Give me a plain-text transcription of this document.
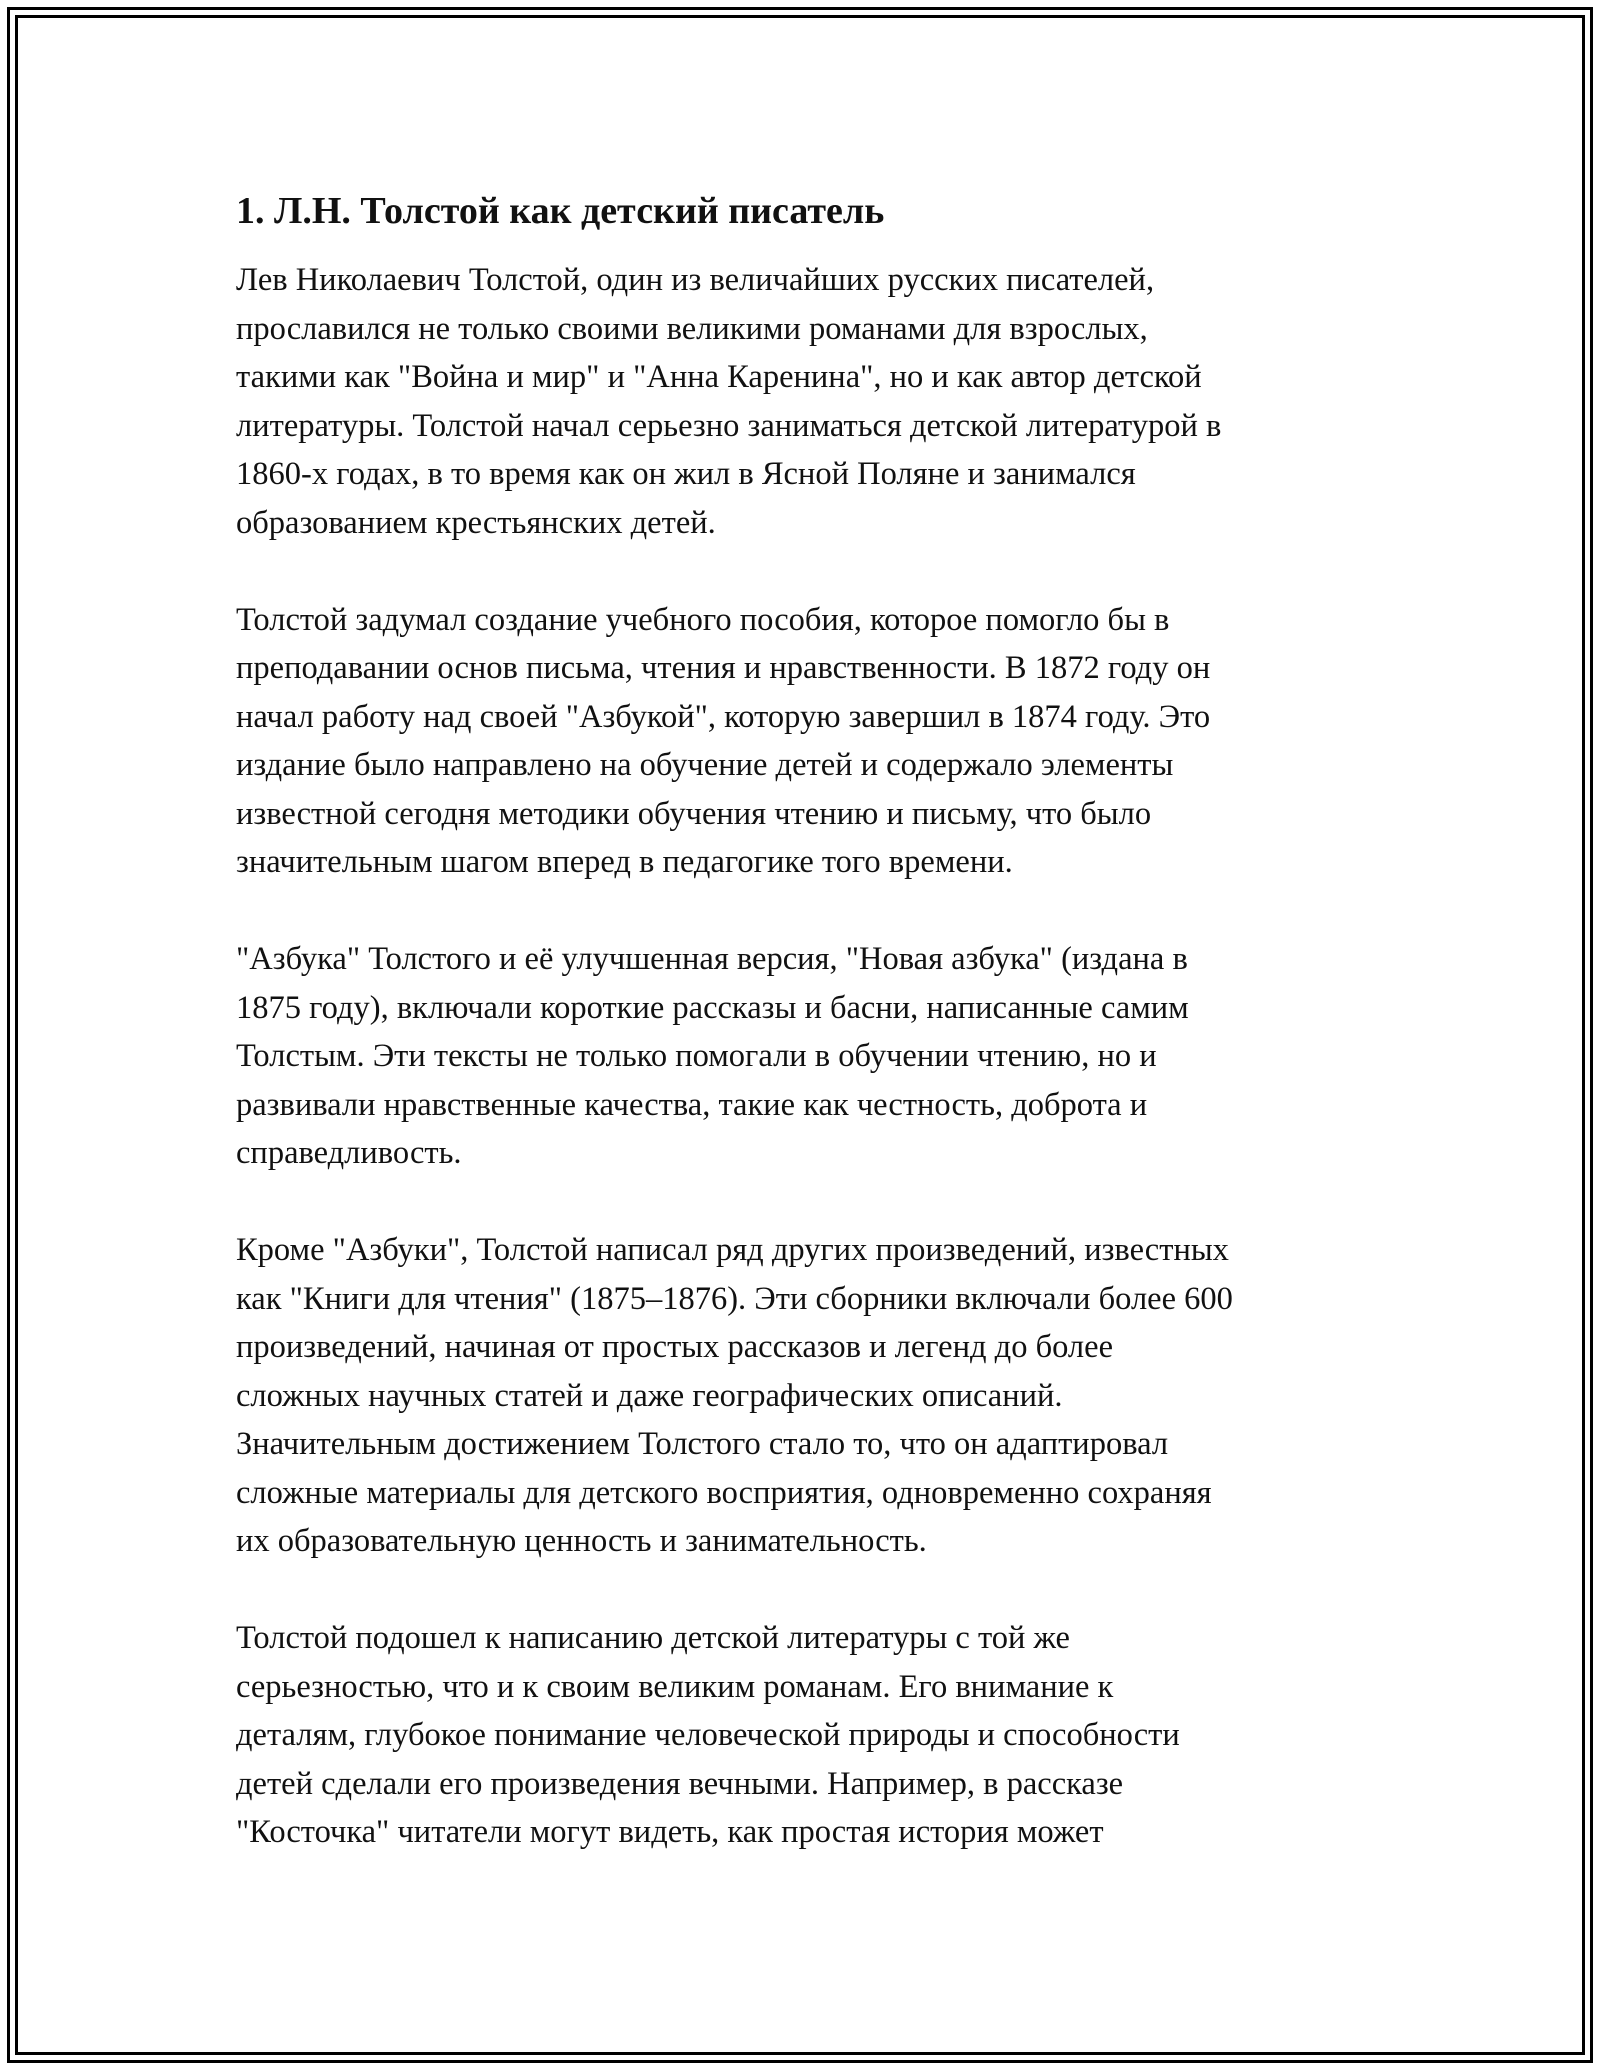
1. Л.Н. Толстой как детский писатель
Лев Николаевич Толстой, один из величайших русских писателей,
прославился не только своими великими романами для взрослых,
такими как "Война и мир" и "Анна Каренина", но и как автор детской
литературы. Толстой начал серьезно заниматься детской литературой в
1860-х годах, в то время как он жил в Ясной Поляне и занимался
образованием крестьянских детей.
Толстой задумал создание учебного пособия, которое помогло бы в
преподавании основ письма, чтения и нравственности. В 1872 году он
начал работу над своей "Азбукой", которую завершил в 1874 году. Это
издание было направлено на обучение детей и содержало элементы
известной сегодня методики обучения чтению и письму, что было
значительным шагом вперед в педагогике того времени.
"Азбука" Толстого и её улучшенная версия, "Новая азбука" (издана в
1875 году), включали короткие рассказы и басни, написанные самим
Толстым. Эти тексты не только помогали в обучении чтению, но и
развивали нравственные качества, такие как честность, доброта и
справедливость.
Кроме "Азбуки", Толстой написал ряд других произведений, известных
как "Книги для чтения" (1875–1876). Эти сборники включали более 600
произведений, начиная от простых рассказов и легенд до более
сложных научных статей и даже географических описаний.
Значительным достижением Толстого стало то, что он адаптировал
сложные материалы для детского восприятия, одновременно сохраняя
их образовательную ценность и занимательность.
Толстой подошел к написанию детской литературы с той же
серьезностью, что и к своим великим романам. Его внимание к
деталям, глубокое понимание человеческой природы и способности
детей сделали его произведения вечными. Например, в рассказе
"Косточка" читатели могут видеть, как простая история может
